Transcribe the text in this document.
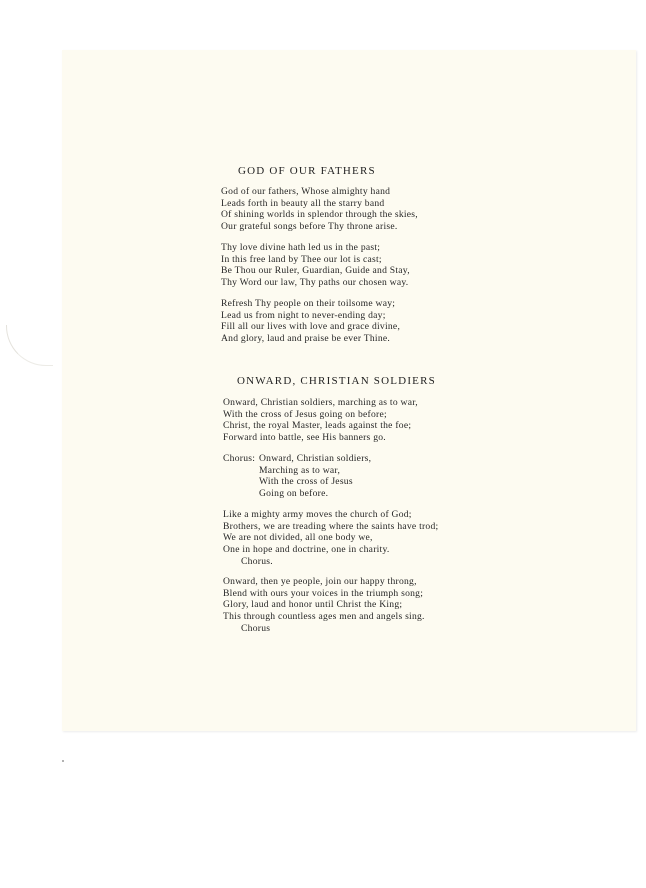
GOD OF OUR FATHERS
God of our fathers, Whose almighty hand
Leads forth in beauty all the starry band
Of shining worlds in splendor through the skies,
Our grateful songs before Thy throne arise.
Thy love divine hath led us in the past;
In this free land by Thee our lot is cast;
Be Thou our Ruler, Guardian, Guide and Stay,
Thy Word our law, Thy paths our chosen way.
Refresh Thy people on their toilsome way;
Lead us from night to never-ending day;
Fill all our lives with love and grace divine,
And glory, laud and praise be ever Thine.
ONWARD, CHRISTIAN SOLDIERS
Onward, Christian soldiers, marching as to war,
With the cross of Jesus going on before;
Christ, the royal Master, leads against the foe;
Forward into battle, see His banners go.
Chorus: Onward, Christian soldiers,
Marching as to war,
With the cross of Jesus
Going on before.
Like a mighty army moves the church of God;
Brothers, we are treading where the saints have trod;
We are not divided, all one body we,
One in hope and doctrine, one in charity.
Chorus.
Onward, then ye people, join our happy throng,
Blend with ours your voices in the triumph song;
Glory, laud and honor until Christ the King;
This through countless ages men and angels sing.
Chorus
